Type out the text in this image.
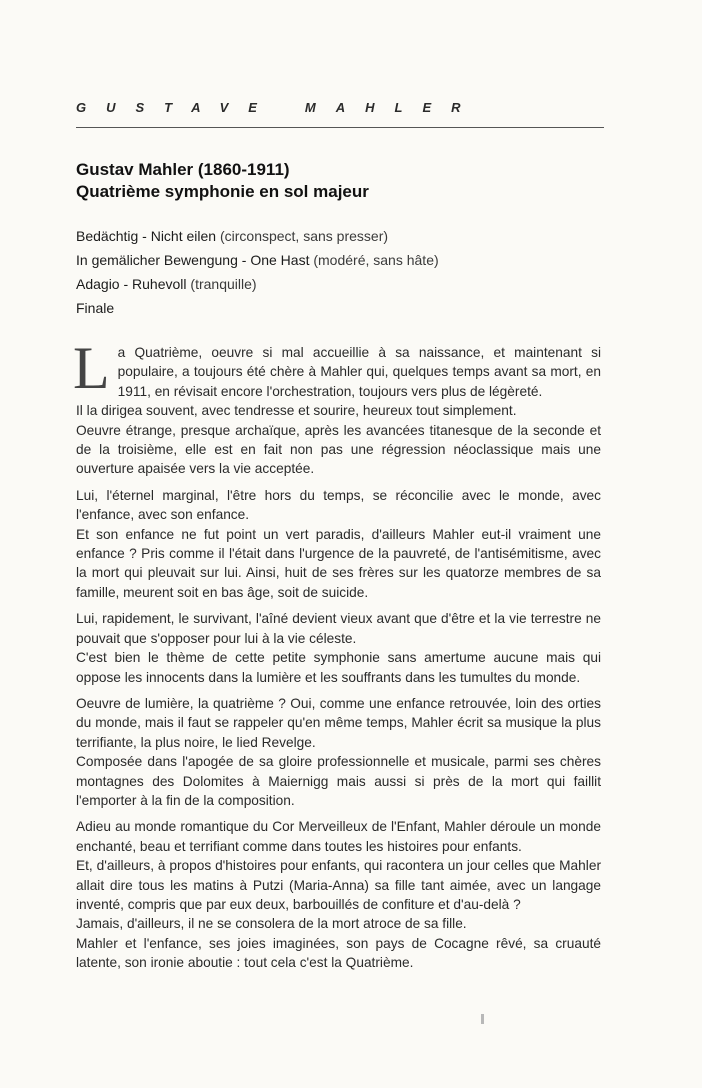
GUSTAVE MAHLER
Gustav Mahler (1860-1911)
Quatrième symphonie en sol majeur
Bedächtig - Nicht eilen (circonspect, sans presser)
In gemälicher Bewengung - One Hast (modéré, sans hâte)
Adagio - Ruhevoll (tranquille)
Finale

La Quatrième, oeuvre si mal accueillie à sa naissance, et maintenant si populaire, a toujours été chère à Mahler qui, quelques temps avant sa mort, en 1911, en révisait encore l'orchestration, toujours vers plus de légèreté.

Il la dirigea souvent, avec tendresse et sourire, heureux tout simplement.

Oeuvre étrange, presque archaïque, après les avancées titanesque de la seconde et de la troisième, elle est en fait non pas une régression néoclassique mais une ouverture apaisée vers la vie acceptée.

Lui, l'éternel marginal, l'être hors du temps, se réconcilie avec le monde, avec l'enfance, avec son enfance.

Et son enfance ne fut point un vert paradis, d'ailleurs Mahler eut-il vraiment une enfance ? Pris comme il l'était dans l'urgence de la pauvreté, de l'antisémitisme, avec la mort qui pleuvait sur lui. Ainsi, huit de ses frères sur les quatorze membres de sa famille, meurent soit en bas âge, soit de suicide.

Lui, rapidement, le survivant, l'aîné devient vieux avant que d'être et la vie terrestre ne pouvait que s'opposer pour lui à la vie céleste.

C'est bien le thème de cette petite symphonie sans amertume aucune mais qui oppose les innocents dans la lumière et les souffrants dans les tumultes du monde.

Oeuvre de lumière, la quatrième ? Oui, comme une enfance retrouvée, loin des orties du monde, mais il faut se rappeler qu'en même temps, Mahler écrit sa musique la plus terrifiante, la plus noire, le lied Revelge.

Composée dans l'apogée de sa gloire professionnelle et musicale, parmi ses chères montagnes des Dolomites à Maiernigg mais aussi si près de la mort qui faillit l'emporter à la fin de la composition.

Adieu au monde romantique du Cor Merveilleux de l'Enfant, Mahler déroule un monde enchanté, beau et terrifiant comme dans toutes les histoires pour enfants.

Et, d'ailleurs, à propos d'histoires pour enfants, qui racontera un jour celles que Mahler allait dire tous les matins à Putzi (Maria-Anna) sa fille tant aimée, avec un langage inventé, compris que par eux deux, barbouillés de confiture et d'au-delà ?

Jamais, d'ailleurs, il ne se consolera de la mort atroce de sa fille.

Mahler et l'enfance, ses joies imaginées, son pays de Cocagne rêvé, sa cruauté latente, son ironie aboutie : tout cela c'est la Quatrième.
